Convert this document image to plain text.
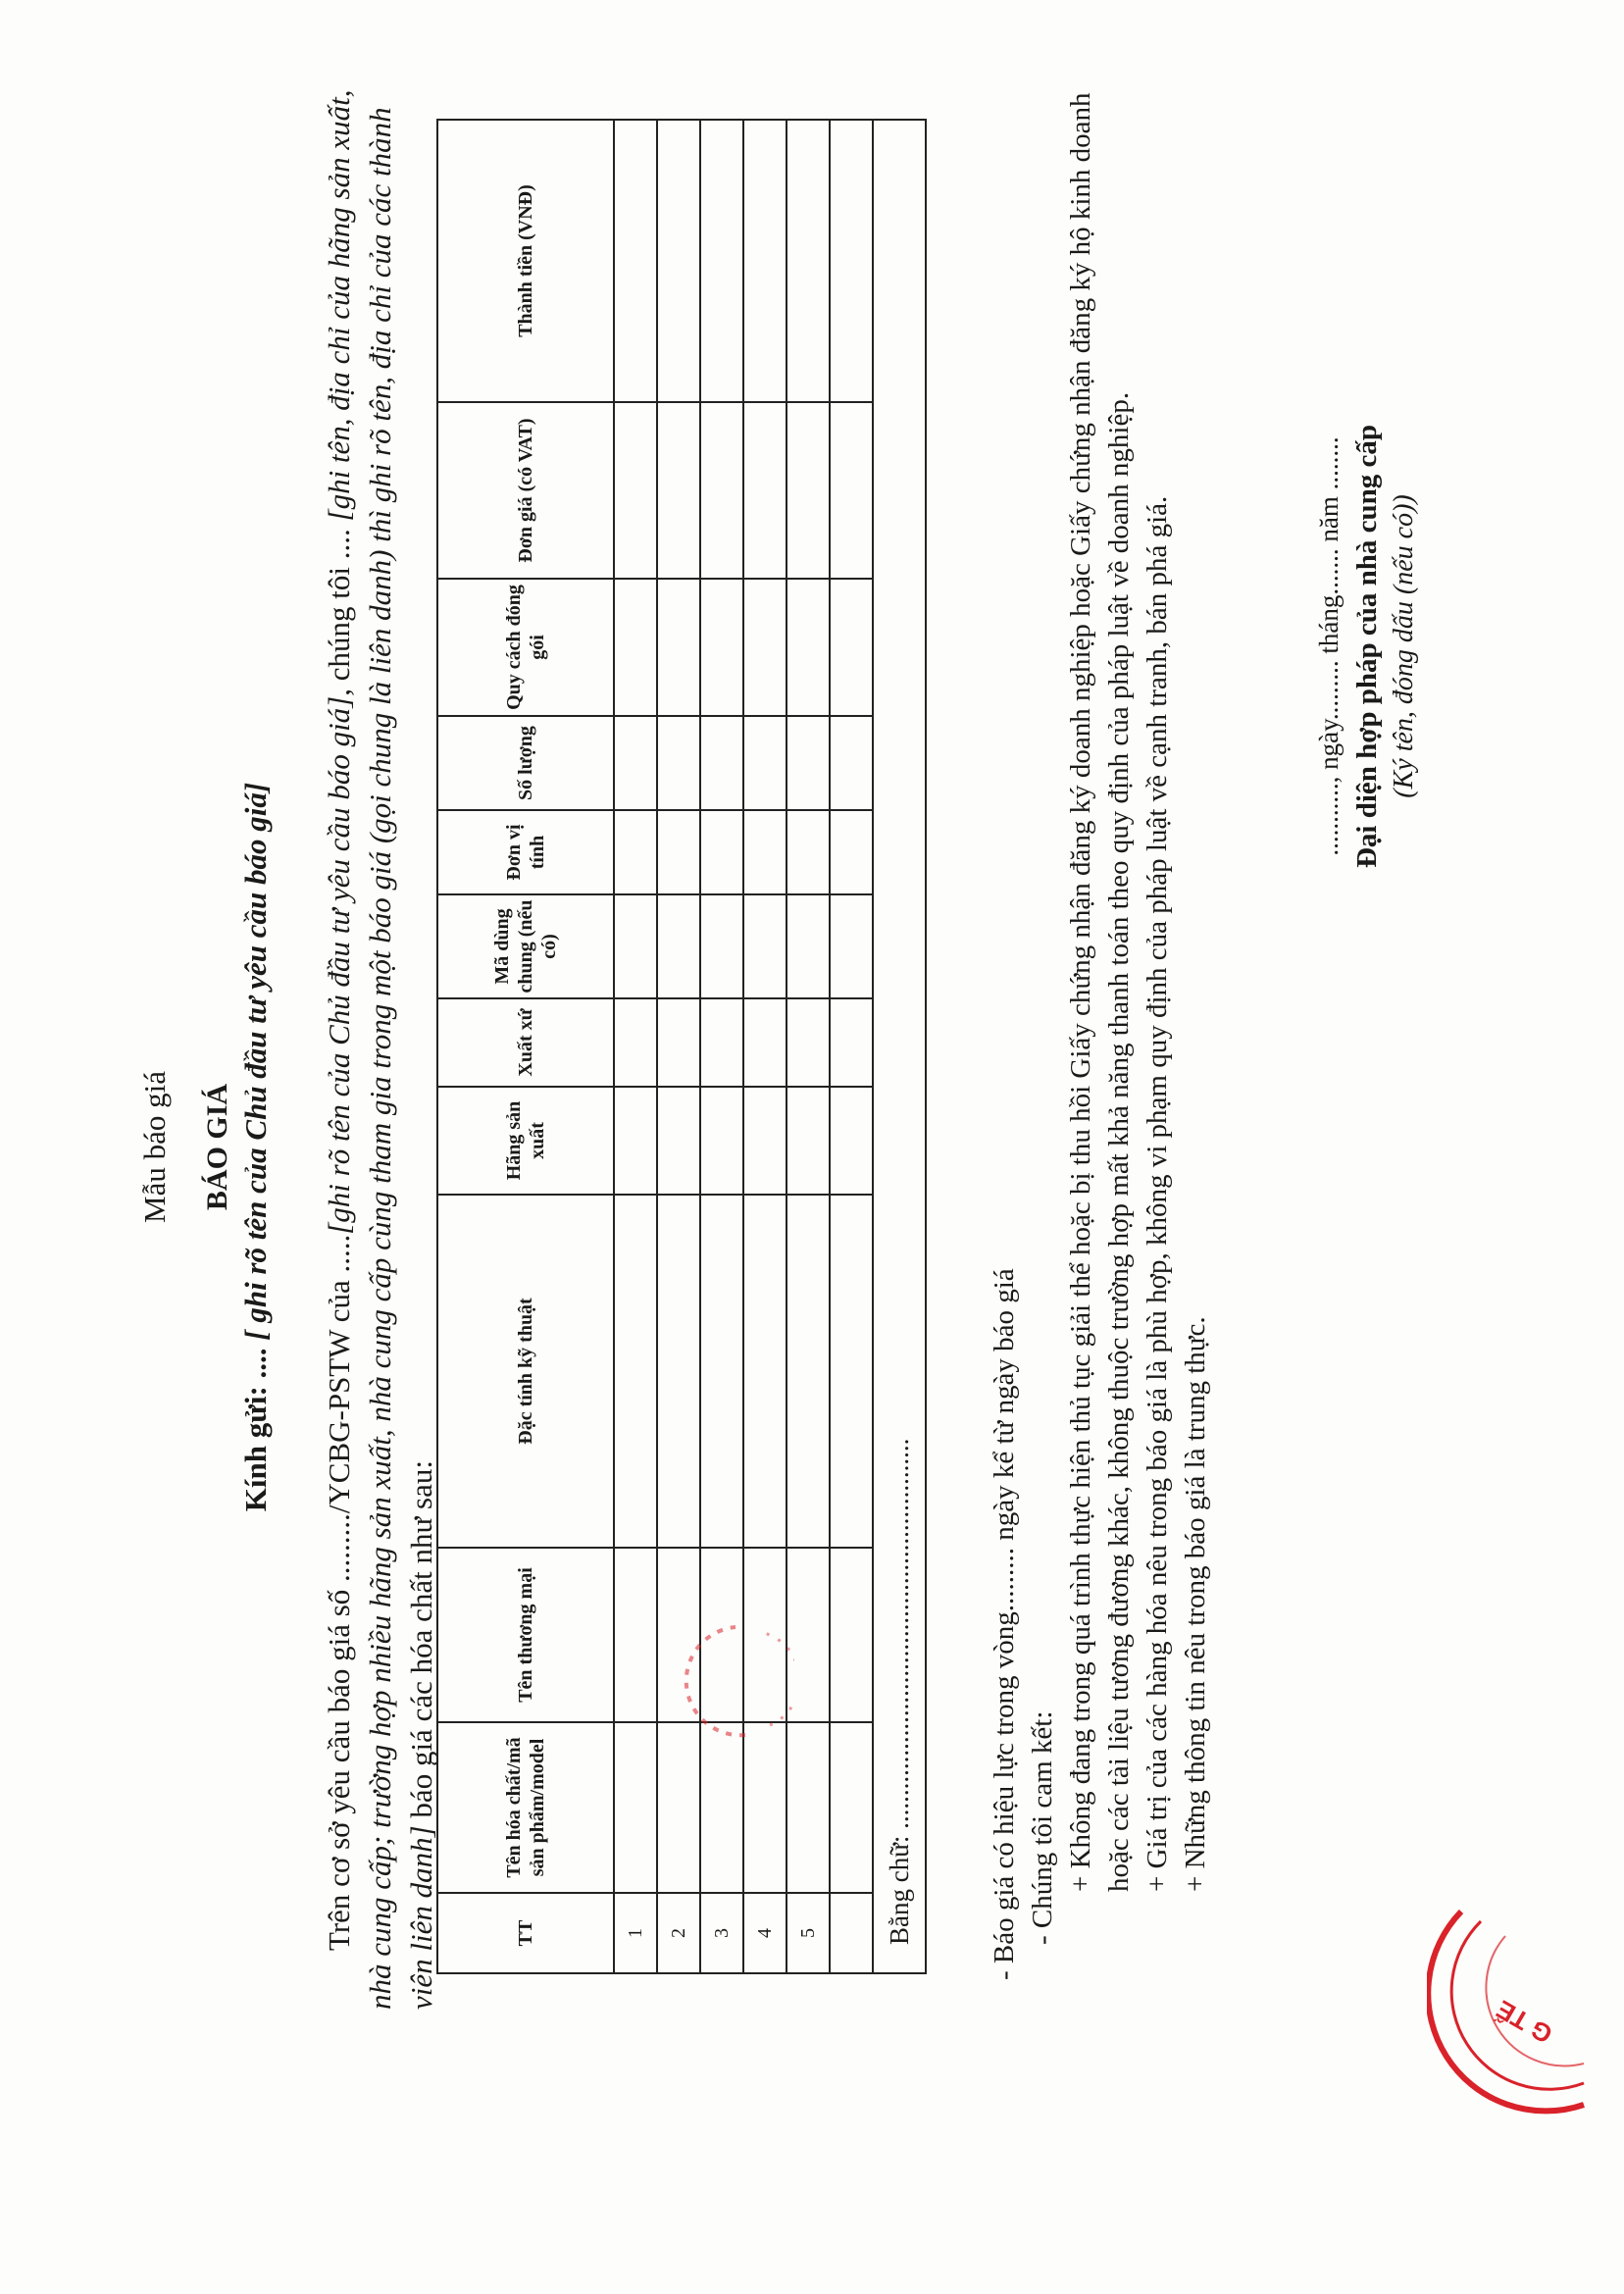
Mẫu báo giá BÁO GIÁ
Kính gửi: .... [ ghi rõ tên của Chủ đầu tư yêu cầu báo giá]
Trên cơ sở yêu cầu báo giá số ........./YCBG-PSTW của .....[ghi rõ tên của Chủ đầu tư yêu cầu báo giá], chúng tôi .... [ghi tên, địa chỉ của hãng sản xuất, nhà cung cấp; trường hợp nhiều hãng sản xuất, nhà cung cấp cùng tham gia trong một báo giá (gọi chung là liên danh) thì ghi rõ tên, địa chỉ của các thành viên liên danh] báo giá các hóa chất như sau:
TT	Tên hóa chất/mã sản phẩm/model	Tên thương mại	Đặc tính kỹ thuật	Hãng sản xuất	Xuất xứ	Mã dùng chung (nếu có)	Đơn vị tính	Số lượng	Quy cách đóng gói	Đơn giá (có VAT)	Thành tiền (VNĐ)
1											
2											
3											
4											
5											

Bằng chữ: ...........................................................												- Báo giá có hiệu lực trong vòng......... ngày kể từ ngày báo giá - Chúng tôi cam kết: + Không đang trong quá trình thực hiện thủ tục giải thể hoặc bị thu hồi Giấy chứng nhận đăng ký doanh nghiệp hoặc Giấy chứng nhận đăng ký hộ kinh doanh hoặc các tài liệu tương đương khác, không thuộc trường hợp mất khả năng thanh toán theo quy định của pháp luật về doanh nghiệp. + Giá trị của các hàng hóa nêu trong báo giá là phù hợp, không vi phạm quy định của pháp luật về cạnh tranh, bán phá giá. + Những thông tin nêu trong báo giá là trung thực.

..........., ngày......... tháng....... năm ........ Đại diện hợp pháp của nhà cung cấp (Ký tên, đóng dấu (nếu có))
G TẾ
